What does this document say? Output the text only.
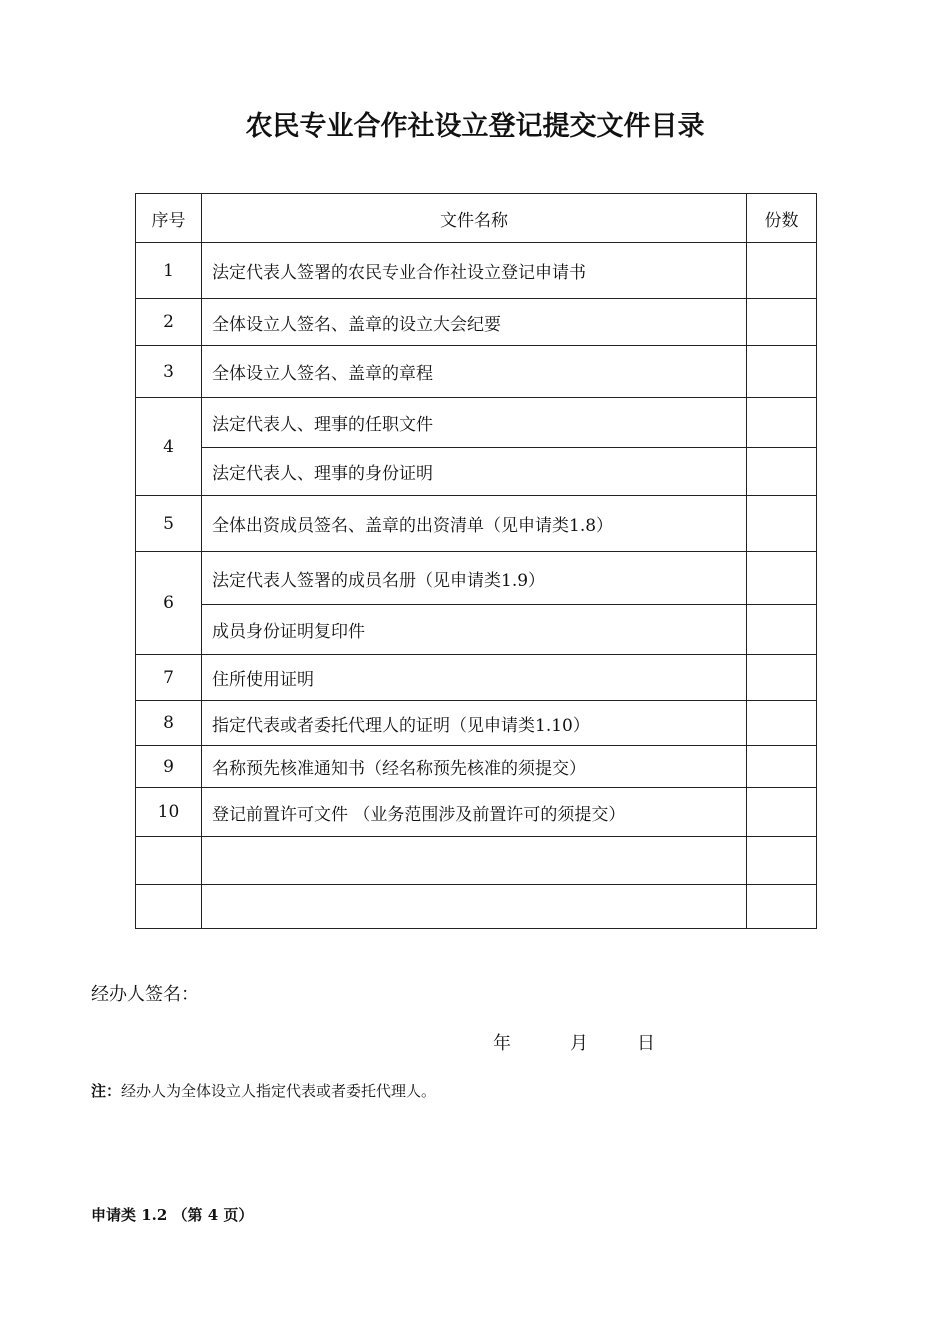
农民专业合作社设立登记提交文件目录
序号	文件名称	份数
1	法定代表人签署的农民专业合作社设立登记申请书	
2	全体设立人签名、盖章的设立大会纪要	
3	全体设立人签名、盖章的章程	
4	法定代表人、理事的任职文件	
	法定代表人、理事的身份证明	
5	全体出资成员签名、盖章的出资清单（见申请类1.8）	
6	法定代表人签署的成员名册（见申请类1.9）	
	成员身份证明复印件	
7	住所使用证明	
8	指定代表或者委托代理人的证明（见申请类1.10）	
9	名称预先核准通知书（经名称预先核准的须提交）	
10	登记前置许可文件 （业务范围涉及前置许可的须提交）	

经办人签名：
年	月	日
注：经办人为全体设立人指定代表或者委托代理人。
申请类 1.2 （第 4 页）
